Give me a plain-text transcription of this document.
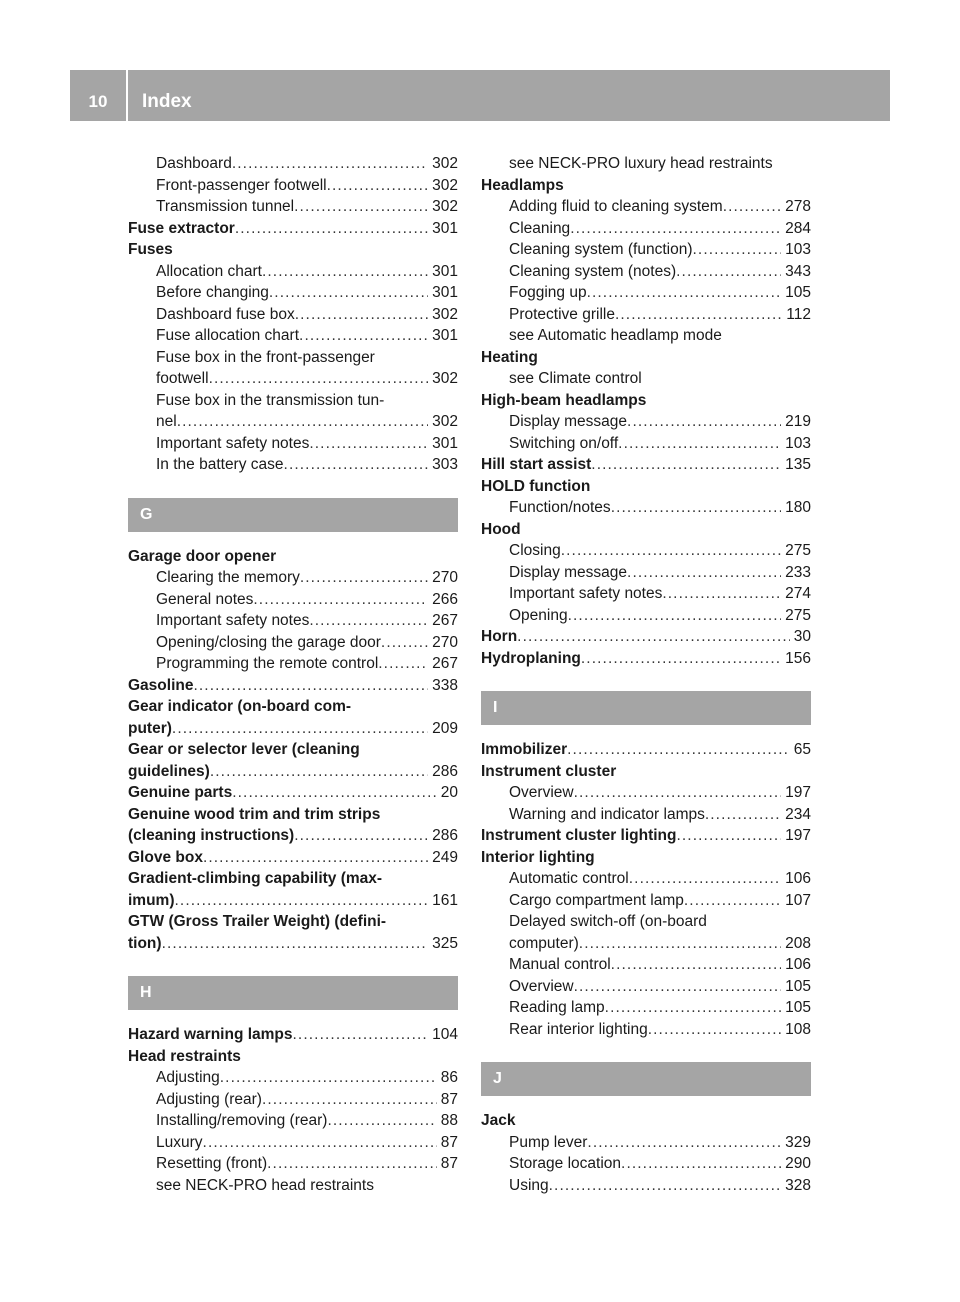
10	Index
Dashboard . . .	302
Front-passenger footwell . . .	302
Transmission tunnel . . .	302
Fuse extractor . . .	301
Fuses
Allocation chart . . .	301
Before changing . . .	301
Dashboard fuse box . . .	302
Fuse allocation chart . . .	301
Fuse box in the front-passenger
footwell . . .	302
Fuse box in the transmission tun-
nel . . .	302
Important safety notes . . .	301
In the battery case . . .	303
G
Garage door opener
Clearing the memory . . .	270
General notes . . .	266
Important safety notes . . .	267
Opening/closing the garage door . . .	270
Programming the remote control . . .	267
Gasoline . . .	338
Gear indicator (on-board com-
puter) . . .	209
Gear or selector lever (cleaning
guidelines) . . .	286
Genuine parts . . .	20
Genuine wood trim and trim strips
(cleaning instructions) . . .	286
Glove box . . .	249
Gradient-climbing capability (max-
imum) . . .	161
GTW (Gross Trailer Weight) (defini-
tion) . . .	325
H
Hazard warning lamps . . .	104
Head restraints
Adjusting . . .	86
Adjusting (rear) . . .	87
Installing/removing (rear) . . .	88
Luxury . . .	87
Resetting (front) . . .	87
see NECK-PRO head restraints
see NECK-PRO luxury head restraints
Headlamps
Adding fluid to cleaning system . . .	278
Cleaning . . .	284
Cleaning system (function) . . .	103
Cleaning system (notes) . . .	343
Fogging up . . .	105
Protective grille . . .	112
see Automatic headlamp mode
Heating
see Climate control
High-beam headlamps
Display message . . .	219
Switching on/off . . .	103
Hill start assist . . .	135
HOLD function
Function/notes . . .	180
Hood
Closing . . .	275
Display message . . .	233
Important safety notes . . .	274
Opening . . .	275
Horn . . .	30
Hydroplaning . . .	156
I
Immobilizer . . .	65
Instrument cluster
Overview . . .	197
Warning and indicator lamps . . .	234
Instrument cluster lighting . . .	197
Interior lighting
Automatic control . . .	106
Cargo compartment lamp . . .	107
Delayed switch-off (on-board
computer) . . .	208
Manual control . . .	106
Overview . . .	105
Reading lamp . . .	105
Rear interior lighting . . .	108
J
Jack
Pump lever . . .	329
Storage location . . .	290
Using . . .	328
